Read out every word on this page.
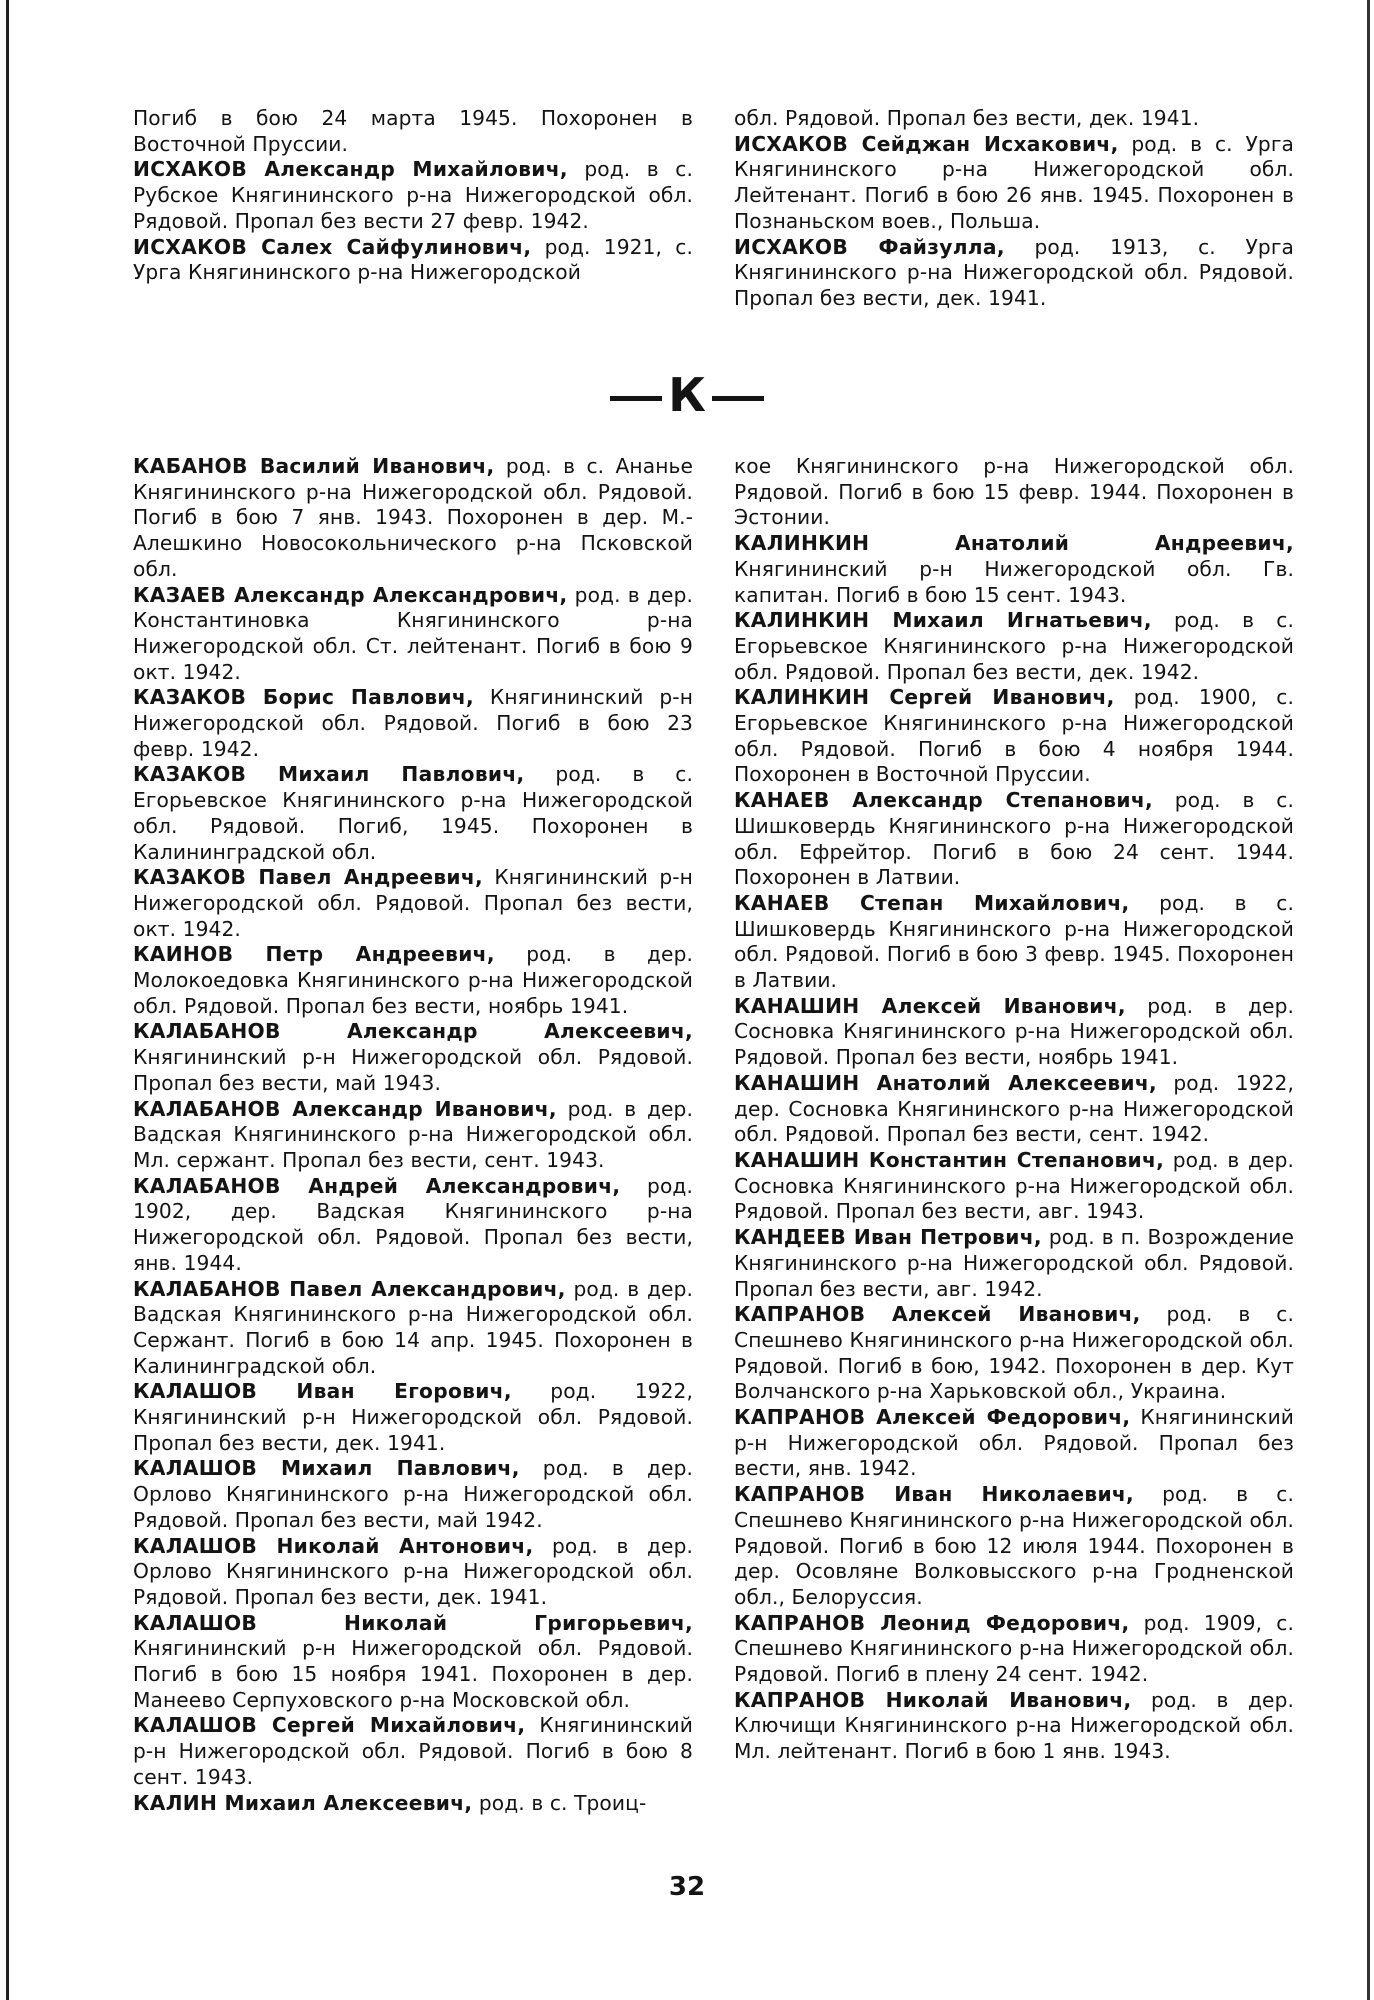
Погиб в бою 24 марта 1945. Похоронен в Восточной Пруссии.

ИСХАКОВ Александр Михайлович, род. в с. Рубское Княгининского р-на Нижегородской обл. Рядовой. Пропал без вести 27 февр. 1942.

ИСХАКОВ Салех Сайфулинович, род. 1921, с. Урга Княгининского р-на Нижегородской

обл. Рядовой. Пропал без вести, дек. 1941.

ИСХАКОВ Сейджан Исхакович, род. в с. Урга Княгининского р-на Нижегородской обл. Лейтенант. Погиб в бою 26 янв. 1945. Похоронен в Познаньском воев., Польша.

ИСХАКОВ Файзулла, род. 1913, с. Урга Княгининского р-на Нижегородской обл. Рядовой. Пропал без вести, дек. 1941.

К

КАБАНОВ Василий Иванович, род. в с. Ананье Княгининского р-на Нижегородской обл. Рядовой. Погиб в бою 7 янв. 1943. Похоронен в дер. М.-Алешкино Новосокольнического р-на Псковской обл.

КАЗАЕВ Александр Александрович, род. в дер. Константиновка Княгининского р-на Нижегородской обл. Ст. лейтенант. Погиб в бою 9 окт. 1942.

КАЗАКОВ Борис Павлович, Княгининский р-н Нижегородской обл. Рядовой. Погиб в бою 23 февр. 1942.

КАЗАКОВ Михаил Павлович, род. в с. Егорьевское Княгининского р-на Нижегородской обл. Рядовой. Погиб, 1945. Похоронен в Калининградской обл.

КАЗАКОВ Павел Андреевич, Княгининский р-н Нижегородской обл. Рядовой. Пропал без вести, окт. 1942.

КАИНОВ Петр Андреевич, род. в дер. Молокоедовка Княгининского р-на Нижегородской обл. Рядовой. Пропал без вести, ноябрь 1941.

КАЛАБАНОВ Александр Алексеевич, Княгининский р-н Нижегородской обл. Рядовой. Пропал без вести, май 1943.

КАЛАБАНОВ Александр Иванович, род. в дер. Вадская Княгининского р-на Нижегородской обл. Мл. сержант. Пропал без вести, сент. 1943.

КАЛАБАНОВ Андрей Александрович, род. 1902, дер. Вадская Княгининского р-на Нижегородской обл. Рядовой. Пропал без вести, янв. 1944.

КАЛАБАНОВ Павел Александрович, род. в дер. Вадская Княгининского р-на Нижегородской обл. Сержант. Погиб в бою 14 апр. 1945. Похоронен в Калининградской обл.

КАЛАШОВ Иван Егорович, род. 1922, Княгининский р-н Нижегородской обл. Рядовой. Пропал без вести, дек. 1941.

КАЛАШОВ Михаил Павлович, род. в дер. Орлово Княгининского р-на Нижегородской обл. Рядовой. Пропал без вести, май 1942.

КАЛАШОВ Николай Антонович, род. в дер. Орлово Княгининского р-на Нижегородской обл. Рядовой. Пропал без вести, дек. 1941.

КАЛАШОВ Николай Григорьевич, Княгининский р-н Нижегородской обл. Рядовой. Погиб в бою 15 ноября 1941. Похоронен в дер. Манеево Серпуховского р-на Московской обл.

КАЛАШОВ Сергей Михайлович, Княгининский р-н Нижегородской обл. Рядовой. Погиб в бою 8 сент. 1943.

КАЛИН Михаил Алексеевич, род. в с. Троиц-

кое Княгининского р-на Нижегородской обл. Рядовой. Погиб в бою 15 февр. 1944. Похоронен в Эстонии.

КАЛИНКИН Анатолий Андреевич, Княгининский р-н Нижегородской обл. Гв. капитан. Погиб в бою 15 сент. 1943.

КАЛИНКИН Михаил Игнатьевич, род. в с. Егорьевское Княгининского р-на Нижегородской обл. Рядовой. Пропал без вести, дек. 1942.

КАЛИНКИН Сергей Иванович, род. 1900, с. Егорьевское Княгининского р-на Нижегородской обл. Рядовой. Погиб в бою 4 ноября 1944. Похоронен в Восточной Пруссии.

КАНАЕВ Александр Степанович, род. в с. Шишковердь Княгининского р-на Нижегородской обл. Ефрейтор. Погиб в бою 24 сент. 1944. Похоронен в Латвии.

КАНАЕВ Степан Михайлович, род. в с. Шишковердь Княгининского р-на Нижегородской обл. Рядовой. Погиб в бою 3 февр. 1945. Похоронен в Латвии.

КАНАШИН Алексей Иванович, род. в дер. Сосновка Княгининского р-на Нижегородской обл. Рядовой. Пропал без вести, ноябрь 1941.

КАНАШИН Анатолий Алексеевич, род. 1922, дер. Сосновка Княгининского р-на Нижегородской обл. Рядовой. Пропал без вести, сент. 1942.

КАНАШИН Константин Степанович, род. в дер. Сосновка Княгининского р-на Нижегородской обл. Рядовой. Пропал без вести, авг. 1943.

КАНДЕЕВ Иван Петрович, род. в п. Возрождение Княгининского р-на Нижегородской обл. Рядовой. Пропал без вести, авг. 1942.

КАПРАНОВ Алексей Иванович, род. в с. Спешнево Княгининского р-на Нижегородской обл. Рядовой. Погиб в бою, 1942. Похоронен в дер. Кут Волчанского р-на Харьковской обл., Украина.

КАПРАНОВ Алексей Федорович, Княгининский р-н Нижегородской обл. Рядовой. Пропал без вести, янв. 1942.

КАПРАНОВ Иван Николаевич, род. в с. Спешнево Княгининского р-на Нижегородской обл. Рядовой. Погиб в бою 12 июля 1944. Похоронен в дер. Осовляне Волковысского р-на Гродненской обл., Белоруссия.

КАПРАНОВ Леонид Федорович, род. 1909, с. Спешнево Княгининского р-на Нижегородской обл. Рядовой. Погиб в плену 24 сент. 1942.

КАПРАНОВ Николай Иванович, род. в дер. Ключищи Княгининского р-на Нижегородской обл. Мл. лейтенант. Погиб в бою 1 янв. 1943.

32
